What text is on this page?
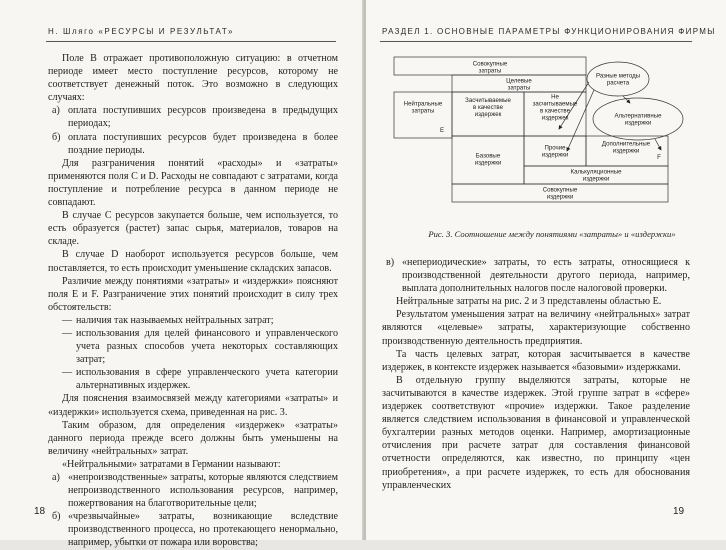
Н. Шляго «РЕСУРСЫ И РЕЗУЛЬТАТ»

Поле В отражает противоположную ситуацию: в отчетном периоде имеет место поступление ресурсов, которому не соответствует денежный поток. Это возможно в следующих случаях:

а) оплата поступивших ресурсов произведена в предыдущих периодах;
б) оплата поступивших ресурсов будет произведена в более поздние периоды.

Для разграничения понятий «расходы» и «затраты» применяются поля С и D. Расходы не совпадают с затратами, когда поступление и потребление ресурса в данном периоде не совпадают.

В случае С ресурсов закупается больше, чем используется, то есть образуется (растет) запас сырья, материалов, товаров на складе.

В случае D наоборот используется ресурсов больше, чем поставляется, то есть происходит уменьшение складских запасов.

Различие между понятиями «затраты» и «издержки» поясняют поля Е и F. Разграничение этих понятий происходит в силу трех обстоятельств:

— наличия так называемых нейтральных затрат;
— использования для целей финансового и управленческого учета разных способов учета некоторых составляющих затрат;
— использования в сфере управленческого учета категории альтернативных издержек.

Для пояснения взаимосвязей между категориями «затраты» и «издержки» используется схема, приведенная на рис. 3.

Таким образом, для определения «издержек» «затраты» данного периода прежде всего должны быть уменьшены на величину «нейтральных» затрат.

«Нейтральными» затратами в Германии называют:

а) «непроизводственные» затраты, которые являются следствием непроизводственного использования ресурсов, например, пожертвования на благотворительные цели;
б) «чрезвычайные» затраты, возникающие вследствие производственного процесса, но протекающего ненормально, например, убытки от пожара или воровства;
18
РАЗДЕЛ 1. ОСНОВНЫЕ ПАРАМЕТРЫ ФУНКЦИОНИРОВАНИЯ ФИРМЫ
Совокупные затраты
Целевые затраты
Нейтральные затраты
E
Засчитываемые в качестве издержек
Не засчитываемые в качестве издержек
Базовые издержки
Прочие издержки
Дополнительные издержки
F
Калькуляционные издержки
Совокупные издержки
Разные методы расчета
Альтернативные издержки
Рис. 3. Соотношение между понятиями «затраты» и «издержки»
в) «непериодические» затраты, то есть затраты, относящиеся к производственной деятельности другого периода, например, выплата дополнительных налогов после налоговой проверки.

Нейтральные затраты на рис. 2 и 3 представлены областью Е.

Результатом уменьшения затрат на величину «нейтральных» затрат являются «целевые» затраты, характеризующие собственно производственную деятельность предприятия.

Та часть целевых затрат, которая засчитывается в качестве издержек, в контексте издержек называется «базовыми» издержками.

В отдельную группу выделяются затраты, которые не засчитываются в качестве издержек. Этой группе затрат в «сфере» издержек соответствуют «прочие» издержки. Такое разделение является следствием использования в финансовой и управленческой бухгалтерии разных методов оценки. Например, амортизационные отчисления при расчете затрат для составления финансовой отчетности определяются, как известно, по принципу «цен приобретения», а при расчете издержек, то есть для обоснования управленческих

19
